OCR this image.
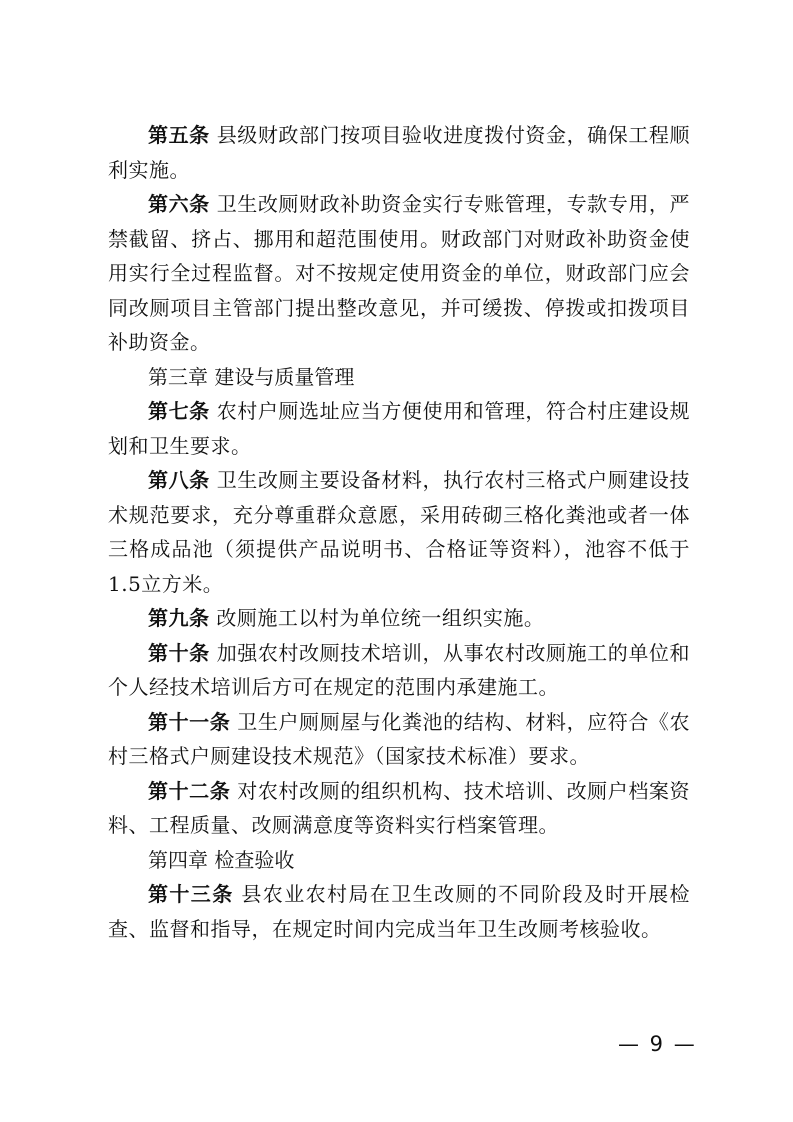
第五条 县级财政部门按项目验收进度拨付资金，确保工程顺利实施。

第六条 卫生改厕财政补助资金实行专账管理，专款专用，严禁截留、挤占、挪用和超范围使用。财政部门对财政补助资金使用实行全过程监督。对不按规定使用资金的单位，财政部门应会同改厕项目主管部门提出整改意见，并可缓拨、停拨或扣拨项目补助资金。

第三章 建设与质量管理

第七条 农村户厕选址应当方便使用和管理，符合村庄建设规划和卫生要求。

第八条 卫生改厕主要设备材料，执行农村三格式户厕建设技术规范要求，充分尊重群众意愿，采用砖砌三格化粪池或者一体三格成品池（须提供产品说明书、合格证等资料），池容不低于1.5立方米。

第九条 改厕施工以村为单位统一组织实施。

第十条 加强农村改厕技术培训，从事农村改厕施工的单位和个人经技术培训后方可在规定的范围内承建施工。

第十一条 卫生户厕厕屋与化粪池的结构、材料，应符合《农村三格式户厕建设技术规范》（国家技术标准）要求。

第十二条 对农村改厕的组织机构、技术培训、改厕户档案资料、工程质量、改厕满意度等资料实行档案管理。

第四章 检查验收

第十三条 县农业农村局在卫生改厕的不同阶段及时开展检查、监督和指导，在规定时间内完成当年卫生改厕考核验收。

— 9 —
